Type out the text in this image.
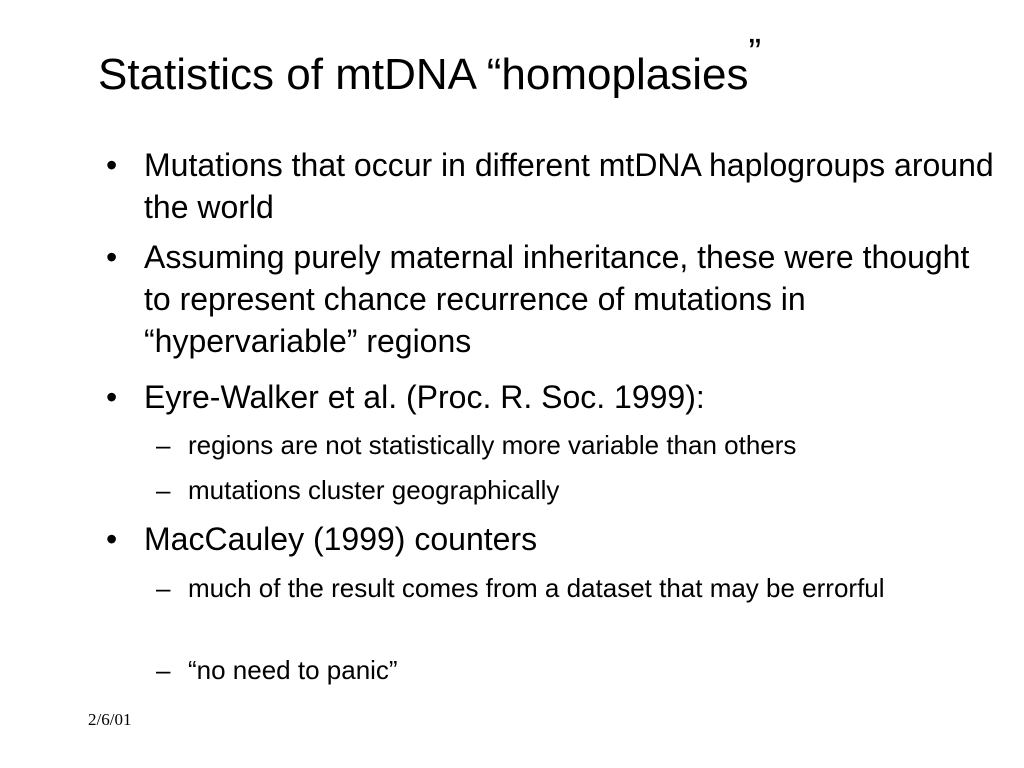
Statistics of mtDNA “homoplasies”
• Mutations that occur in different mtDNA haplogroups around the world
• Assuming purely maternal inheritance, these were thought to represent chance recurrence of mutations in “hypervariable” regions
• Eyre-Walker et al. (Proc. R. Soc. 1999):
– regions are not statistically more variable than others
– mutations cluster geographically
• MacCauley (1999) counters
– much of the result comes from a dataset that may be errorful
– “no need to panic”
2/6/01
